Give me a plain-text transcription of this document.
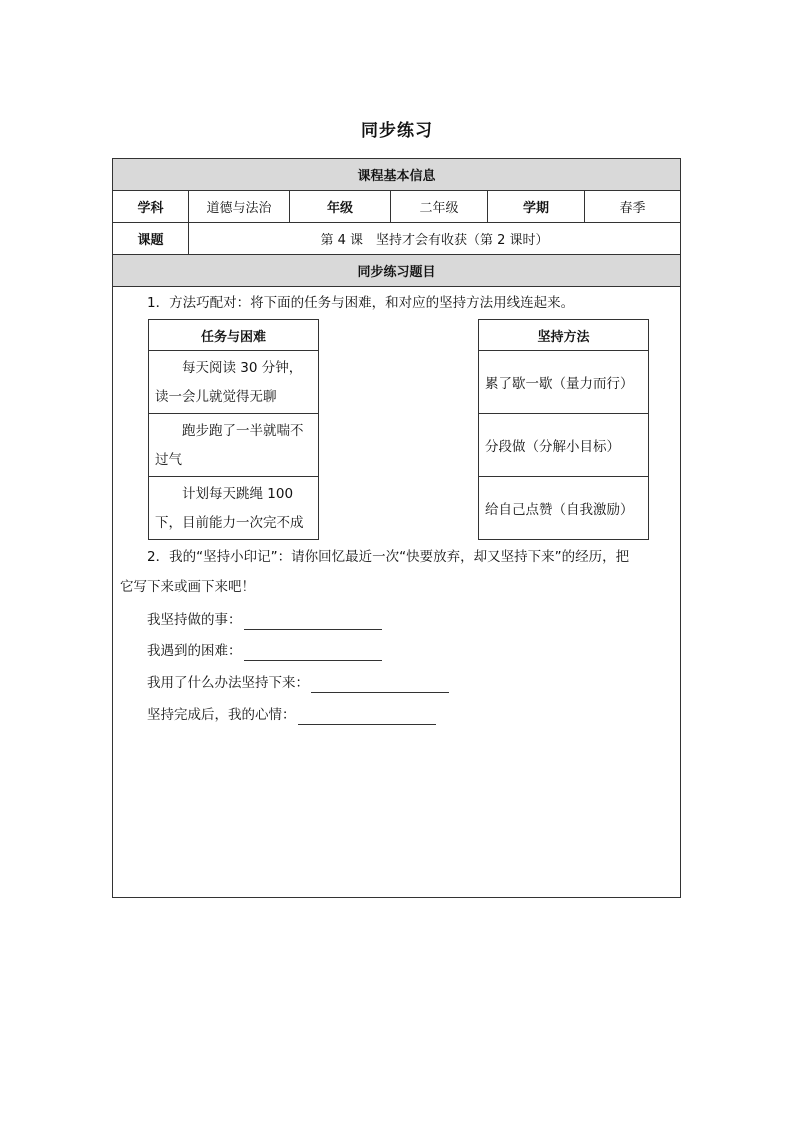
同步练习
课程基本信息
学科	道德与法治	年级	二年级	学期	春季
课题	第 4 课　坚持才会有收获（第 2 课时）
同步练习题目
1．方法巧配对：将下面的任务与困难，和对应的坚持方法用线连起来。
任务与困难
每天阅读 30 分钟，读一会儿就觉得无聊
跑步跑了一半就喘不过气
计划每天跳绳 100 下，目前能力一次完不成
坚持方法
累了歇一歇（量力而行）
分段做（分解小目标）
给自己点赞（自我激励）
2．我的“坚持小印记”：请你回忆最近一次“快要放弃，却又坚持下来”的经历，把
它写下来或画下来吧！
我坚持做的事：
我遇到的困难：
我用了什么办法坚持下来：
坚持完成后，我的心情：
